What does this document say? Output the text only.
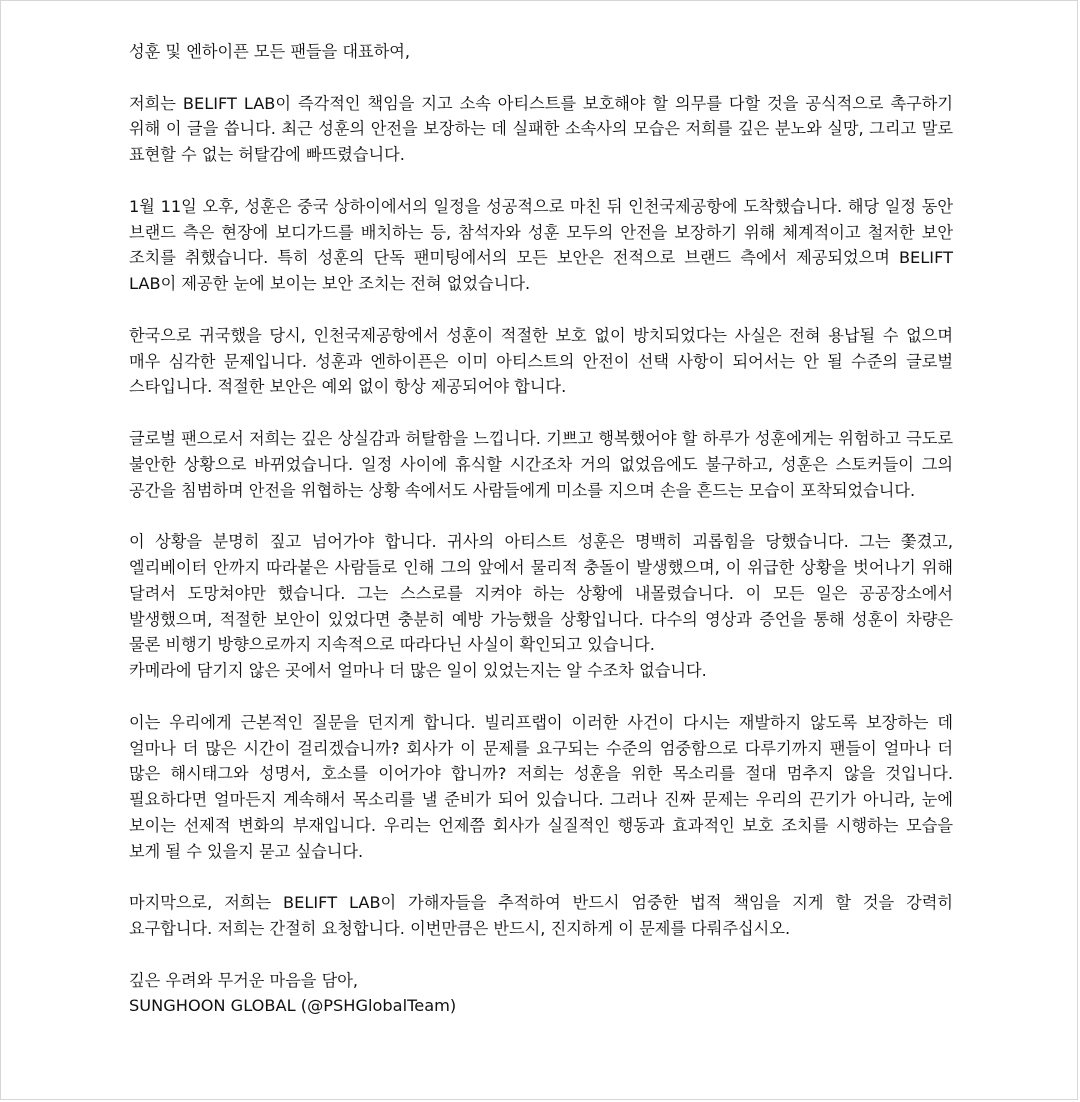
성훈 및 엔하이픈 모든 팬들을 대표하여,

저희는 BELIFT LAB이 즉각적인 책임을 지고 소속 아티스트를 보호해야 할 의무를 다할 것을 공식적으로 촉구하기 위해 이 글을 씁니다. 최근 성훈의 안전을 보장하는 데 실패한 소속사의 모습은 저희를 깊은 분노와 실망, 그리고 말로 표현할 수 없는 허탈감에 빠뜨렸습니다.

1월 11일 오후, 성훈은 중국 상하이에서의 일정을 성공적으로 마친 뒤 인천국제공항에 도착했습니다. 해당 일정 동안 브랜드 측은 현장에 보디가드를 배치하는 등, 참석자와 성훈 모두의 안전을 보장하기 위해 체계적이고 철저한 보안 조치를 취했습니다. 특히 성훈의 단독 팬미팅에서의 모든 보안은 전적으로 브랜드 측에서 제공되었으며 BELIFT LAB이 제공한 눈에 보이는 보안 조치는 전혀 없었습니다.

한국으로 귀국했을 당시, 인천국제공항에서 성훈이 적절한 보호 없이 방치되었다는 사실은 전혀 용납될 수 없으며 매우 심각한 문제입니다. 성훈과 엔하이픈은 이미 아티스트의 안전이 선택 사항이 되어서는 안 될 수준의 글로벌 스타입니다. 적절한 보안은 예외 없이 항상 제공되어야 합니다.

글로벌 팬으로서 저희는 깊은 상실감과 허탈함을 느낍니다. 기쁘고 행복했어야 할 하루가 성훈에게는 위험하고 극도로 불안한 상황으로 바뀌었습니다. 일정 사이에 휴식할 시간조차 거의 없었음에도 불구하고, 성훈은 스토커들이 그의 공간을 침범하며 안전을 위협하는 상황 속에서도 사람들에게 미소를 지으며 손을 흔드는 모습이 포착되었습니다.

이 상황을 분명히 짚고 넘어가야 합니다. 귀사의 아티스트 성훈은 명백히 괴롭힘을 당했습니다. 그는 쫓겼고, 엘리베이터 안까지 따라붙은 사람들로 인해 그의 앞에서 물리적 충돌이 발생했으며, 이 위급한 상황을 벗어나기 위해 달려서 도망쳐야만 했습니다. 그는 스스로를 지켜야 하는 상황에 내몰렸습니다. 이 모든 일은 공공장소에서 발생했으며, 적절한 보안이 있었다면 충분히 예방 가능했을 상황입니다. 다수의 영상과 증언을 통해 성훈이 차량은 물론 비행기 방향으로까지 지속적으로 따라다닌 사실이 확인되고 있습니다.

카메라에 담기지 않은 곳에서 얼마나 더 많은 일이 있었는지는 알 수조차 없습니다.

이는 우리에게 근본적인 질문을 던지게 합니다. 빌리프랩이 이러한 사건이 다시는 재발하지 않도록 보장하는 데 얼마나 더 많은 시간이 걸리겠습니까? 회사가 이 문제를 요구되는 수준의 엄중함으로 다루기까지 팬들이 얼마나 더 많은 해시태그와 성명서, 호소를 이어가야 합니까? 저희는 성훈을 위한 목소리를 절대 멈추지 않을 것입니다. 필요하다면 얼마든지 계속해서 목소리를 낼 준비가 되어 있습니다. 그러나 진짜 문제는 우리의 끈기가 아니라, 눈에 보이는 선제적 변화의 부재입니다. 우리는 언제쯤 회사가 실질적인 행동과 효과적인 보호 조치를 시행하는 모습을 보게 될 수 있을지 묻고 싶습니다.

마지막으로, 저희는 BELIFT LAB이 가해자들을 추적하여 반드시 엄중한 법적 책임을 지게 할 것을 강력히 요구합니다. 저희는 간절히 요청합니다. 이번만큼은 반드시, 진지하게 이 문제를 다뤄주십시오.

깊은 우려와 무거운 마음을 담아,

SUNGHOON GLOBAL (@PSHGlobalTeam)
